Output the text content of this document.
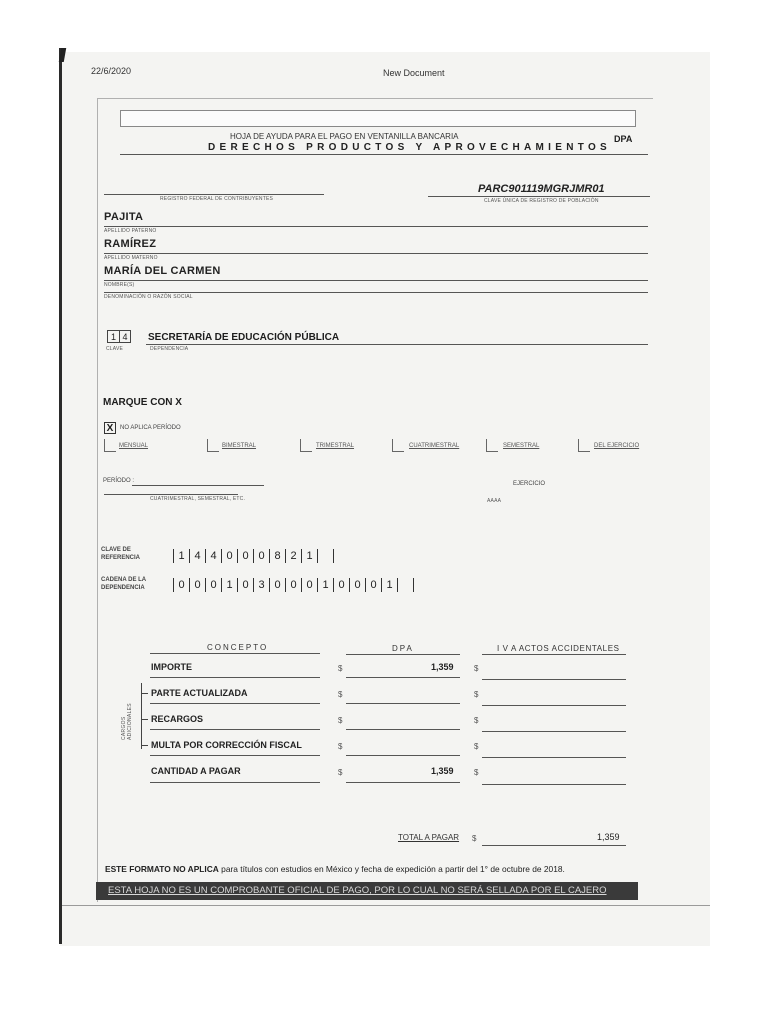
22/6/2020	New Document
HOJA DE AYUDA PARA EL PAGO EN VENTANILLA BANCARIA
DERECHOS PRODUCTOS Y APROVECHAMIENTOS
DPA
REGISTRO FEDERAL DE CONTRIBUYENTES
PARC901119MGRJMR01
CLAVE ÚNICA DE REGISTRO DE POBLACIÓN
PAJITA
APELLIDO PATERNO
RAMÍREZ
APELLIDO MATERNO
MARÍA DEL CARMEN
NOMBRE(S)
DENOMINACIÓN O RAZÓN SOCIAL
1 4
CLAVE
SECRETARÍA DE EDUCACIÓN PÚBLICA
DEPENDENCIA
MARQUE CON X
X	NO APLICA PERÍODO
MENSUAL	BIMESTRAL	TRIMESTRAL	CUATRIMESTRAL	SEMESTRAL	DEL EJERCICIO
PERÍODO :
CUATRIMESTRAL, SEMESTRAL, ETC.
EJERCICIO
AAAA
CLAVE DE
REFERENCIA	1 4 4 0 0 0 8 2 1
CADENA DE LA
DEPENDENCIA	0 0 0 1 0 3 0 0 0 1 0 0 0 1
CONCEPTO	DPA	I V A ACTOS ACCIDENTALES
CARGOS ADICIONALES
IMPORTE	$	1,359	$
PARTE ACTUALIZADA	$	$
RECARGOS	$	$
MULTA POR CORRECCIÓN FISCAL	$	$
CANTIDAD A PAGAR	$	1,359	$
TOTAL A PAGAR $	1,359
ESTE FORMATO NO APLICA para títulos con estudios en México y fecha de expedición a partir del 1° de octubre de 2018.
ESTA HOJA NO ES UN COMPROBANTE OFICIAL DE PAGO, POR LO CUAL NO SERÁ SELLADA POR EL CAJERO
